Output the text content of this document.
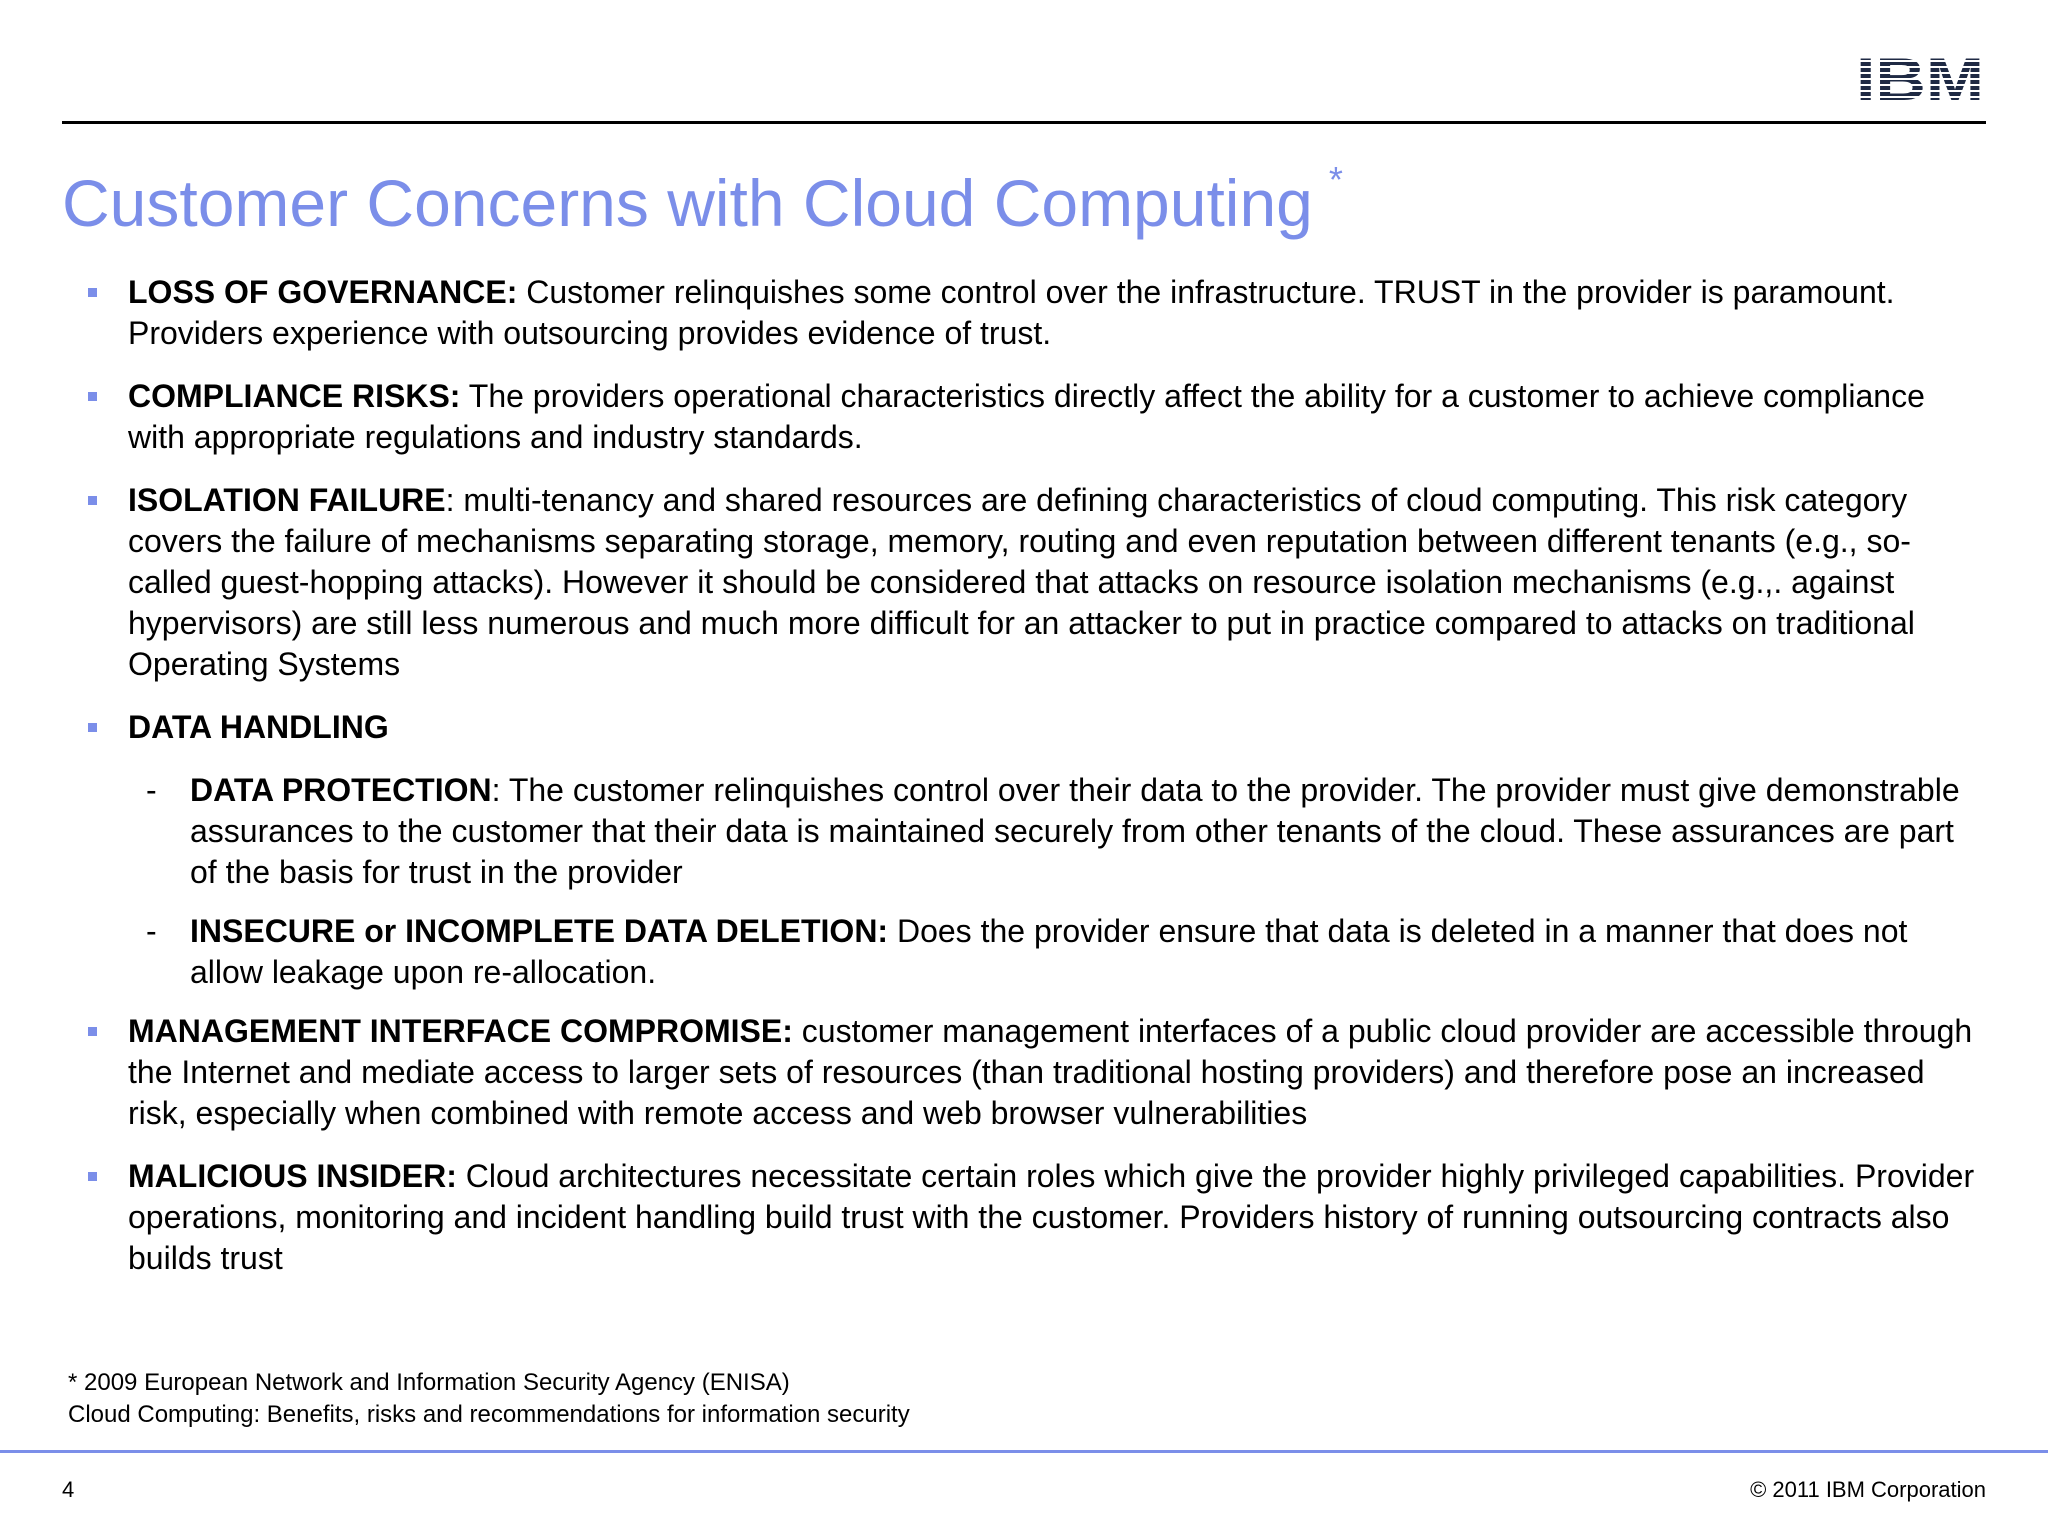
Customer Concerns with Cloud Computing *
LOSS OF GOVERNANCE: Customer relinquishes some control over the infrastructure. TRUST in the provider is paramount. Providers experience with outsourcing provides evidence of trust.
COMPLIANCE RISKS: The providers operational characteristics directly affect the ability for a customer to achieve compliance with appropriate regulations and industry standards.
ISOLATION FAILURE: multi-tenancy and shared resources are defining characteristics of cloud computing. This risk category covers the failure of mechanisms separating storage, memory, routing and even reputation between different tenants (e.g., so-called guest-hopping attacks). However it should be considered that attacks on resource isolation mechanisms (e.g.,. against hypervisors) are still less numerous and much more difficult for an attacker to put in practice compared to attacks on traditional Operating Systems
DATA HANDLING
- DATA PROTECTION: The customer relinquishes control over their data to the provider. The provider must give demonstrable assurances to the customer that their data is maintained securely from other tenants of the cloud. These assurances are part of the basis for trust in the provider
- INSECURE or INCOMPLETE DATA DELETION: Does the provider ensure that data is deleted in a manner that does not allow leakage upon re-allocation.
MANAGEMENT INTERFACE COMPROMISE: customer management interfaces of a public cloud provider are accessible through the Internet and mediate access to larger sets of resources (than traditional hosting providers) and therefore pose an increased risk, especially when combined with remote access and web browser vulnerabilities
MALICIOUS INSIDER: Cloud architectures necessitate certain roles which give the provider highly privileged capabilities. Provider operations, monitoring and incident handling build trust with the customer. Providers history of running outsourcing contracts also builds trust
* 2009 European Network and Information Security Agency (ENISA)
Cloud Computing: Benefits, risks and recommendations for information security
4	© 2011 IBM Corporation
